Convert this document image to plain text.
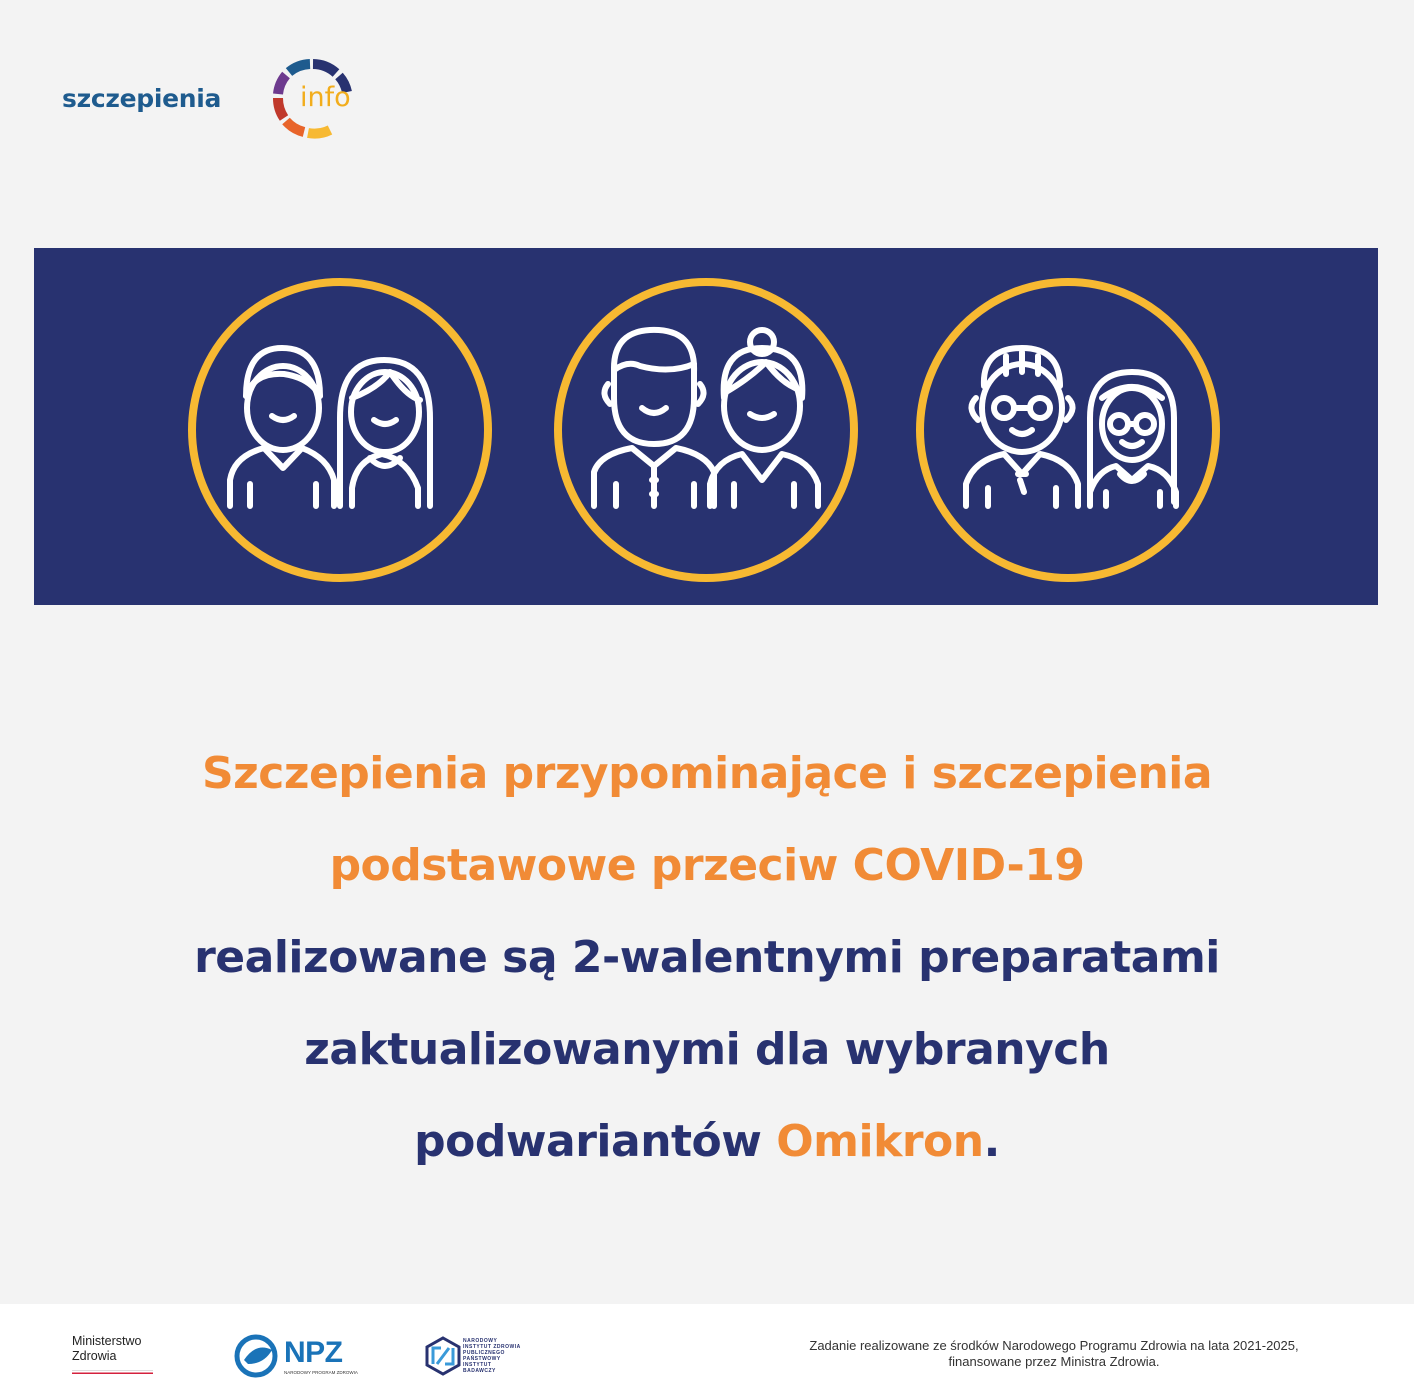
szczepienia	info
Szczepienia przypominające i szczepienia
podstawowe przeciw COVID-19
realizowane są 2-walentnymi preparatami
zaktualizowanymi dla wybranych
podwariantów Omikron.
Ministerstwo
Zdrowia	NPZ
NARODOWY PROGRAM ZDROWIA
NARODOWY INSTYTUT ZDROWIA PUBLICZNEGO PAŃSTWOWY INSTYTUT BADAWCZY
Zadanie realizowane ze środków Narodowego Programu Zdrowia na lata 2021-2025,
finansowane przez Ministra Zdrowia.
